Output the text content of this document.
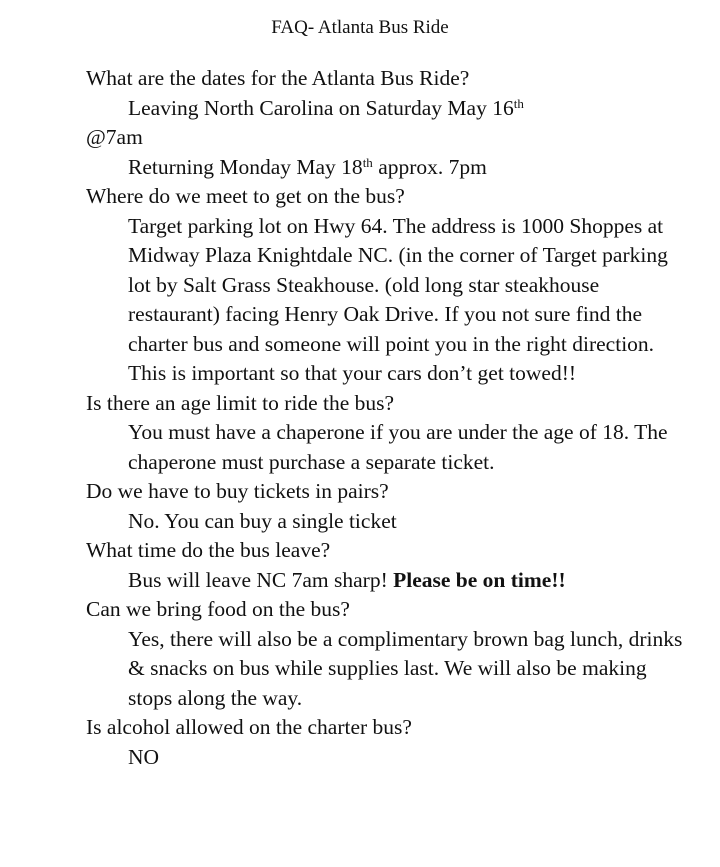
FAQ- Atlanta Bus Ride

What are the dates for the Atlanta Bus Ride?

Leaving North Carolina on Saturday May 16th
@7am

Returning Monday May 18th approx. 7pm

Where do we meet to get on the bus?

Target parking lot on Hwy 64. The address is 1000 Shoppes at Midway Plaza Knightdale NC. (in the corner of Target parking lot by Salt Grass Steakhouse. (old long star steakhouse restaurant) facing Henry Oak Drive. If you not sure find the charter bus and someone will point you in the right direction. This is important so that your cars don’t get towed!!

Is there an age limit to ride the bus?

You must have a chaperone if you are under the age of 18. The chaperone must purchase a separate ticket.

Do we have to buy tickets in pairs?

No. You can buy a single ticket

What time do the bus leave?

Bus will leave NC 7am sharp! Please be on time!!

Can we bring food on the bus?

Yes, there will also be a complimentary brown bag lunch, drinks & snacks on bus while supplies last. We will also be making stops along the way.

Is alcohol allowed on the charter bus?

NO
